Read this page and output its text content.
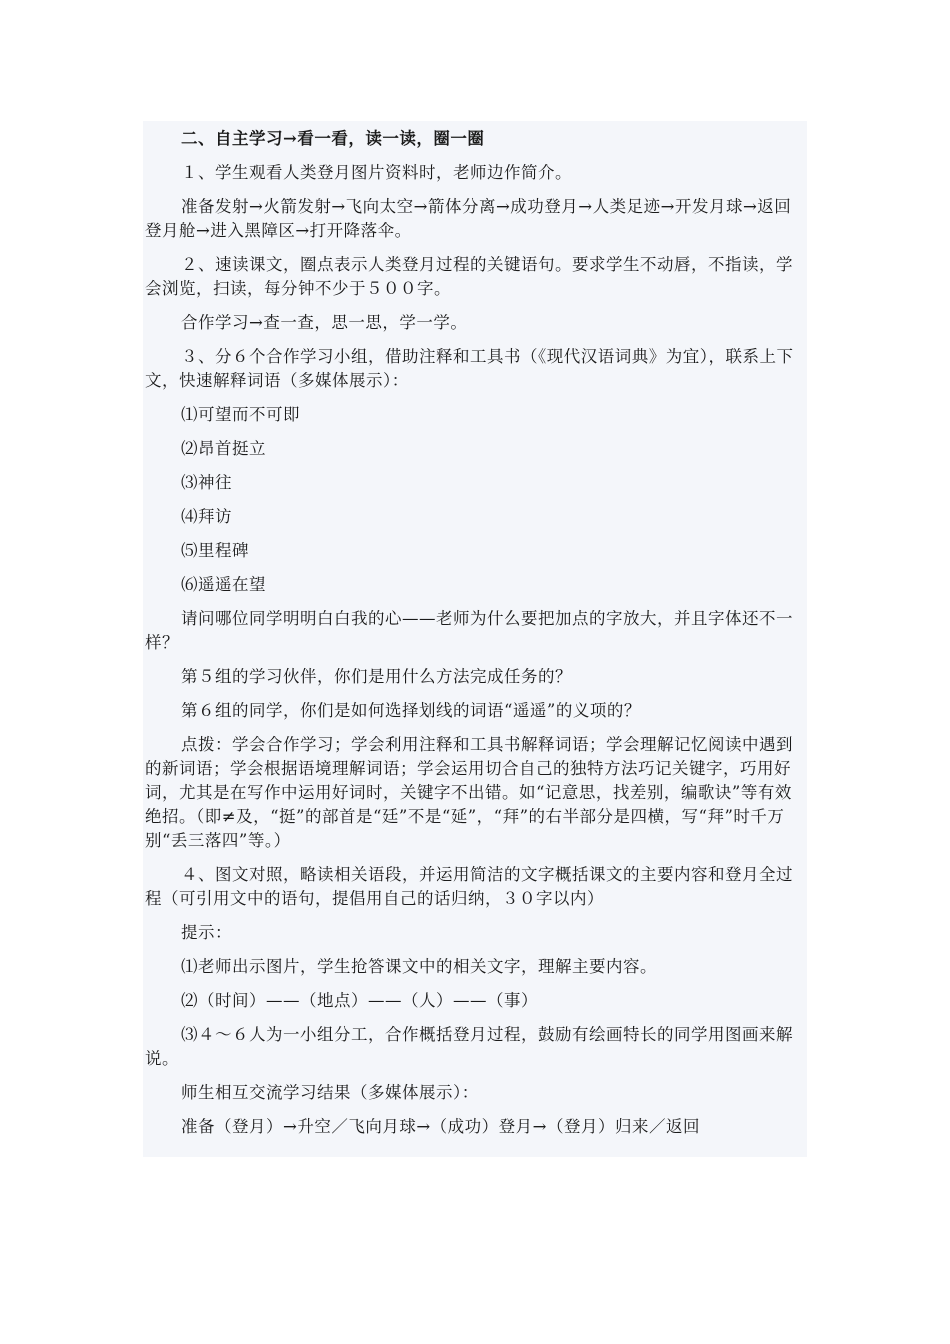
二、自主学习→看一看，读一读，圈一圈
１、学生观看人类登月图片资料时，老师边作简介。
准备发射→火箭发射→飞向太空→箭体分离→成功登月→人类足迹→开发月球→返回登月舱→进入黑障区→打开降落伞。
２、速读课文，圈点表示人类登月过程的关键语句。要求学生不动唇，不指读，学会浏览，扫读，每分钟不少于５００字。
合作学习→查一查，思一思，学一学。
３、分６个合作学习小组，借助注释和工具书（《现代汉语词典》为宜），联系上下文，快速解释词语（多媒体展示）：
⑴可望而不可即
⑵昂首挺立
⑶神往
⑷拜访
⑸里程碑
⑹遥遥在望
请问哪位同学明明白白我的心——老师为什么要把加点的字放大，并且字体还不一样？
第５组的学习伙伴，你们是用什么方法完成任务的？
第６组的同学，你们是如何选择划线的词语“遥遥”的义项的？
点拨：学会合作学习；学会利用注释和工具书解释词语；学会理解记忆阅读中遇到的新词语；学会根据语境理解词语；学会运用切合自己的独特方法巧记关键字，巧用好词，尤其是在写作中运用好词时，关键字不出错。如“记意思，找差别，编歌诀”等有效绝招。（即≠及，“挺”的部首是“廷”不是“延”，“拜”的右半部分是四横，写“拜”时千万别“丢三落四”等。）
４、图文对照，略读相关语段，并运用简洁的文字概括课文的主要内容和登月全过程（可引用文中的语句，提倡用自己的话归纳，３０字以内）
提示：
⑴老师出示图片，学生抢答课文中的相关文字，理解主要内容。
⑵（时间）——（地点）——（人）——（事）
⑶４～６人为一小组分工，合作概括登月过程，鼓励有绘画特长的同学用图画来解说。
师生相互交流学习结果（多媒体展示）：
准备（登月）→升空／飞向月球→（成功）登月→（登月）归来／返回
